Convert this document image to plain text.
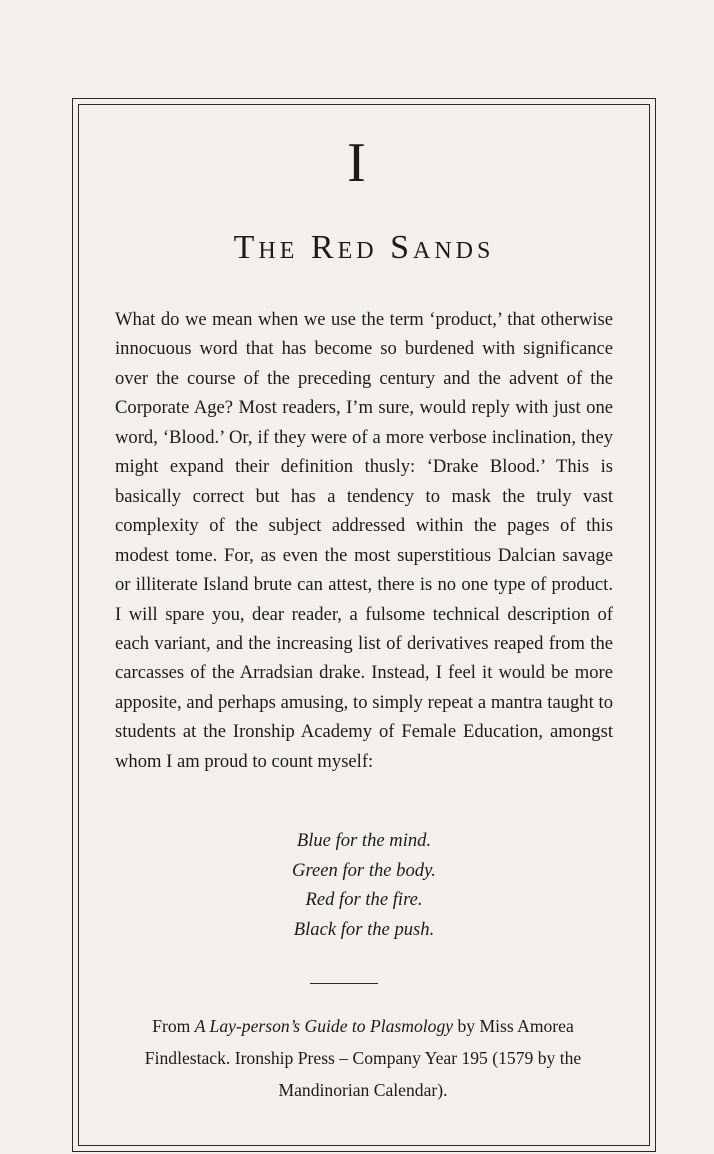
I
The Red Sands

What do we mean when we use the term ‘product,’ that otherwise innocuous word that has become so burdened with significance over the course of the preceding century and the advent of the Corporate Age? Most readers, I’m sure, would reply with just one word, ‘Blood.’ Or, if they were of a more verbose inclination, they might expand their definition thusly: ‘Drake Blood.’ This is basically correct but has a tendency to mask the truly vast complexity of the subject addressed within the pages of this modest tome. For, as even the most superstitious Dalcian savage or illiterate Island brute can attest, there is no one type of product. I will spare you, dear reader, a fulsome technical description of each variant, and the increasing list of derivatives reaped from the carcasses of the Arradsian drake. Instead, I feel it would be more apposite, and perhaps amusing, to simply repeat a mantra taught to students at the Ironship Academy of Female Education, amongst whom I am proud to count myself:

Blue for the mind.
Green for the body.
Red for the fire.
Black for the push.
From A Lay-person’s Guide to Plasmology by Miss Amorea Findlestack. Ironship Press – Company Year 195 (1579 by the Mandinorian Calendar).
